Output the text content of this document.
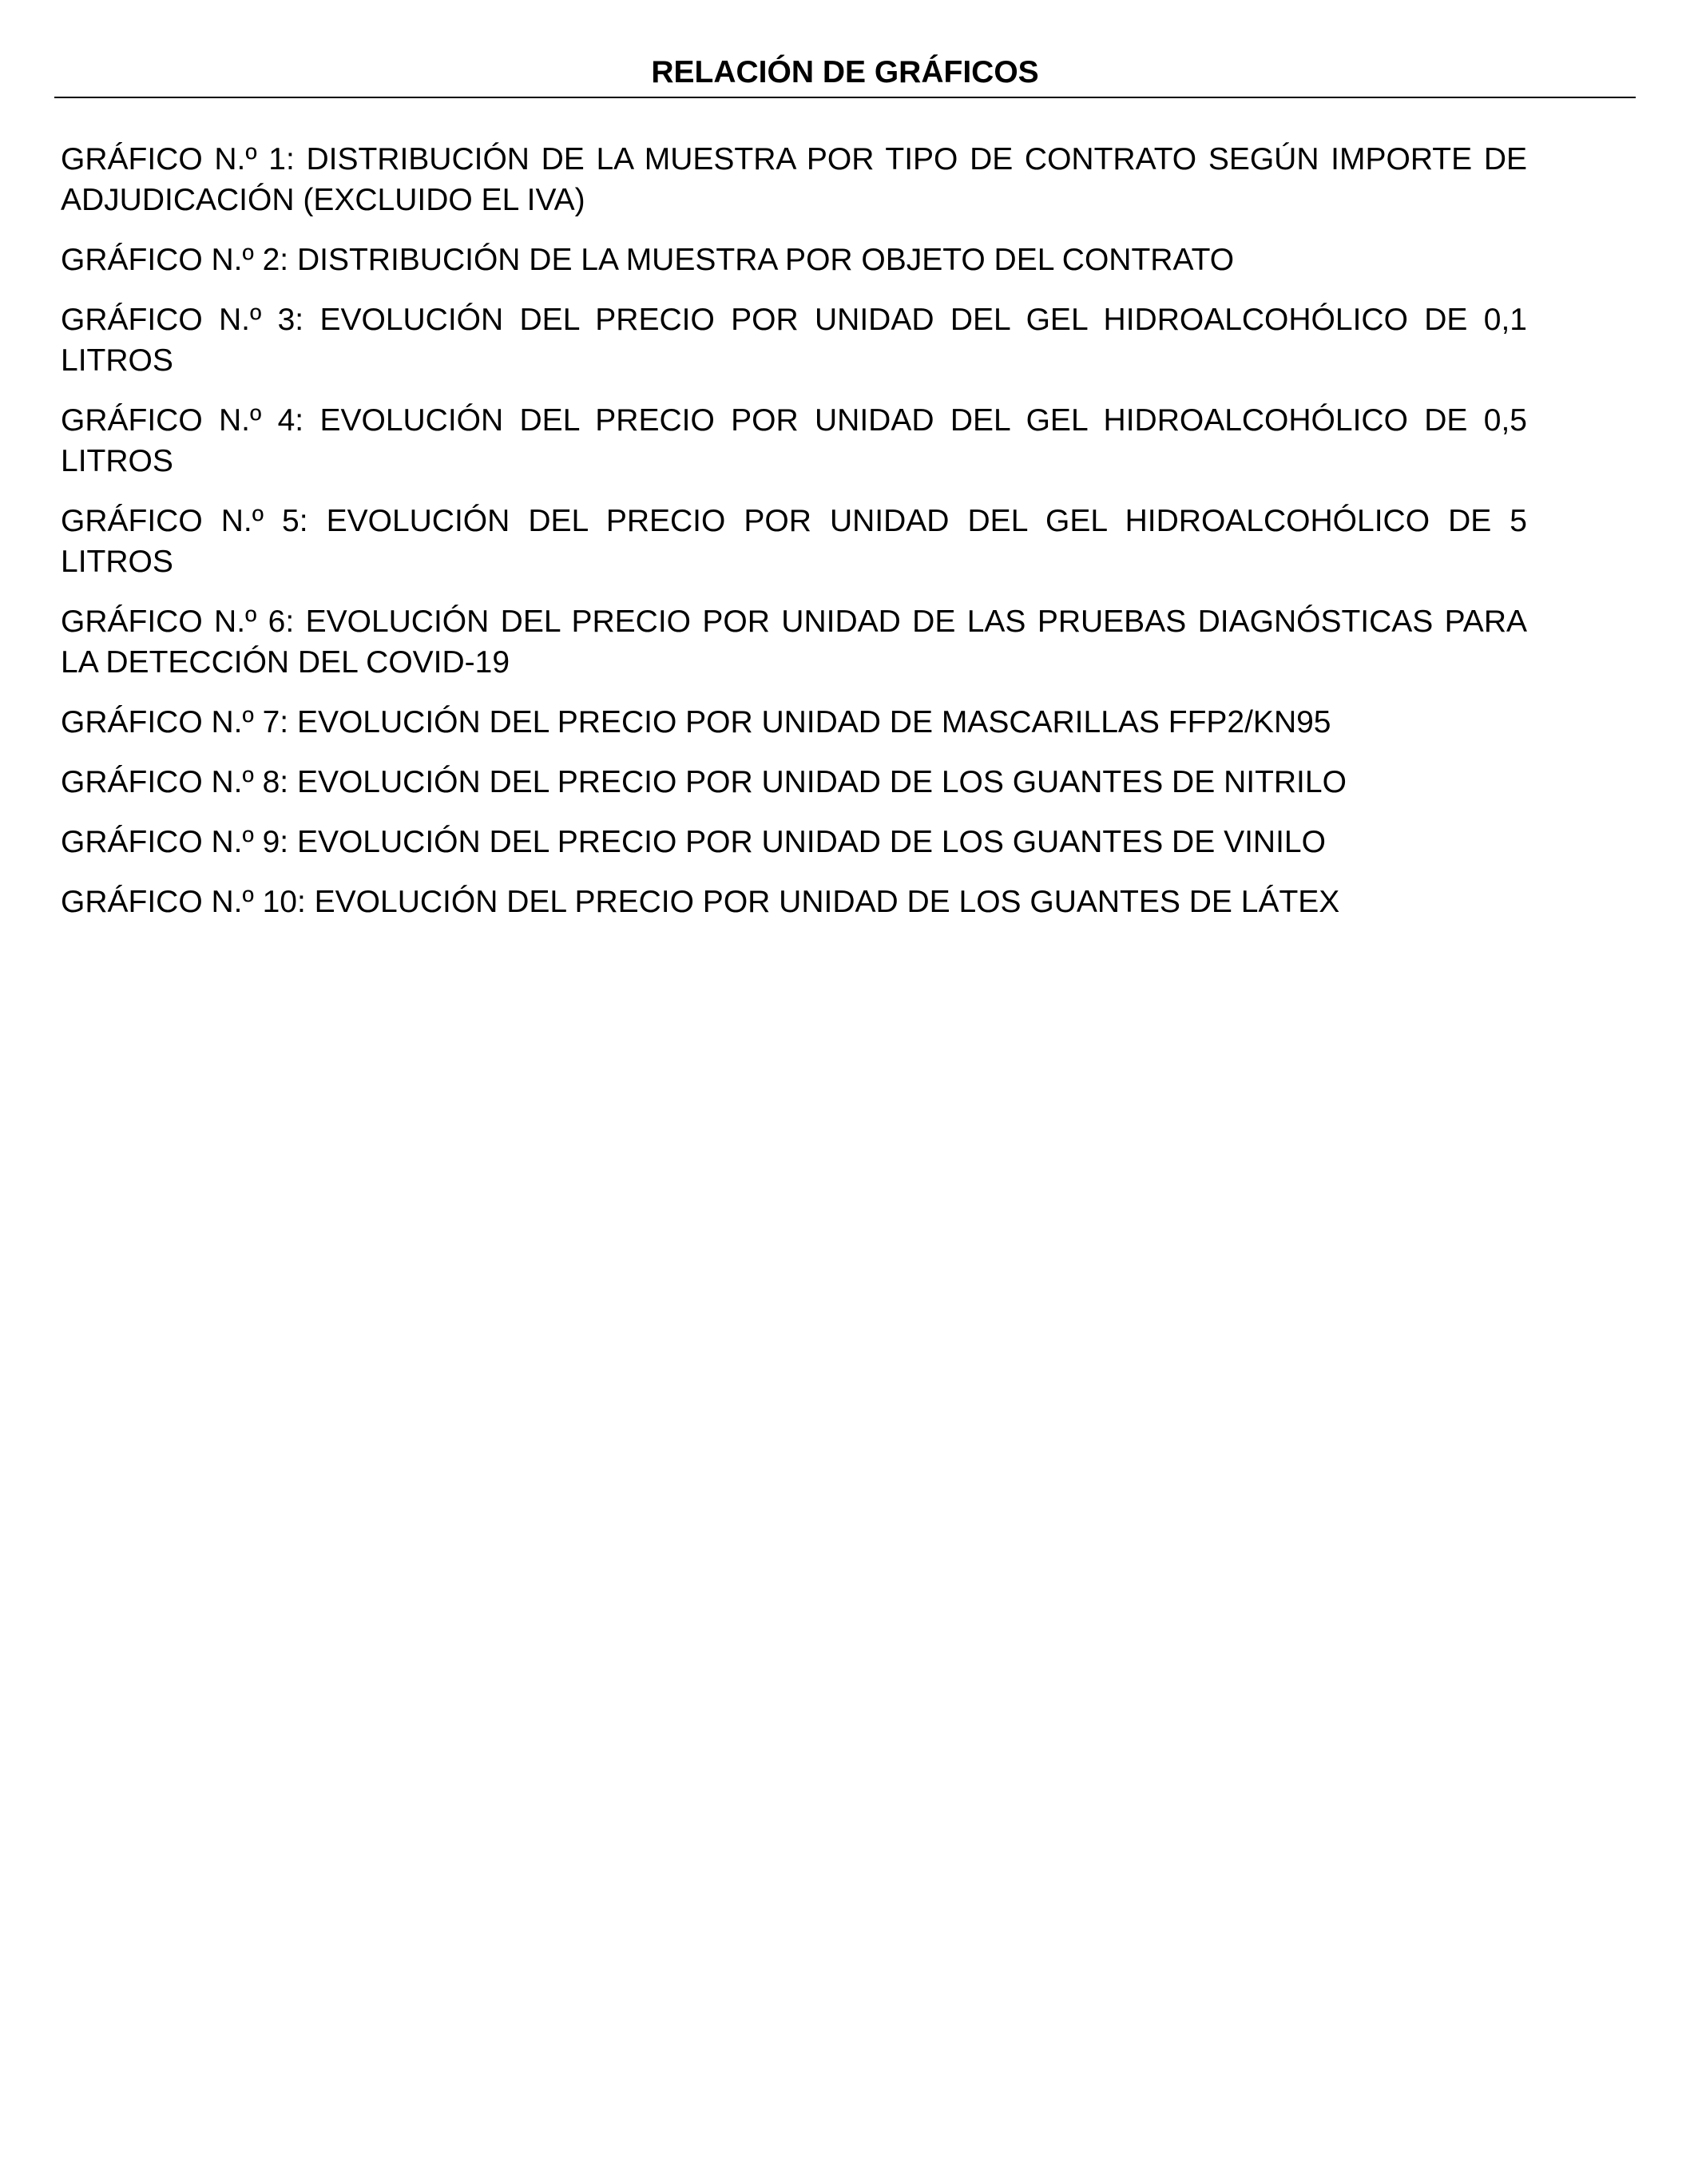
RELACIÓN DE GRÁFICOS
GRÁFICO N.º 1: DISTRIBUCIÓN DE LA MUESTRA POR TIPO DE CONTRATO SEGÚN IMPORTE DE ADJUDICACIÓN (EXCLUIDO EL IVA)
GRÁFICO N.º 2: DISTRIBUCIÓN DE LA MUESTRA POR OBJETO DEL CONTRATO
GRÁFICO N.º 3: EVOLUCIÓN DEL PRECIO POR UNIDAD DEL GEL HIDROALCOHÓLICO DE 0,1 LITROS
GRÁFICO N.º 4: EVOLUCIÓN DEL PRECIO POR UNIDAD DEL GEL HIDROALCOHÓLICO DE 0,5 LITROS
GRÁFICO N.º 5: EVOLUCIÓN DEL PRECIO POR UNIDAD DEL GEL HIDROALCOHÓLICO DE 5 LITROS
GRÁFICO N.º 6: EVOLUCIÓN DEL PRECIO POR UNIDAD DE LAS PRUEBAS DIAGNÓSTICAS PARA LA DETECCIÓN DEL COVID-19
GRÁFICO N.º 7: EVOLUCIÓN DEL PRECIO POR UNIDAD DE MASCARILLAS FFP2/KN95
GRÁFICO N.º 8: EVOLUCIÓN DEL PRECIO POR UNIDAD DE LOS GUANTES DE NITRILO
GRÁFICO N.º 9: EVOLUCIÓN DEL PRECIO POR UNIDAD DE LOS GUANTES DE VINILO
GRÁFICO N.º 10: EVOLUCIÓN DEL PRECIO POR UNIDAD DE LOS GUANTES DE LÁTEX
